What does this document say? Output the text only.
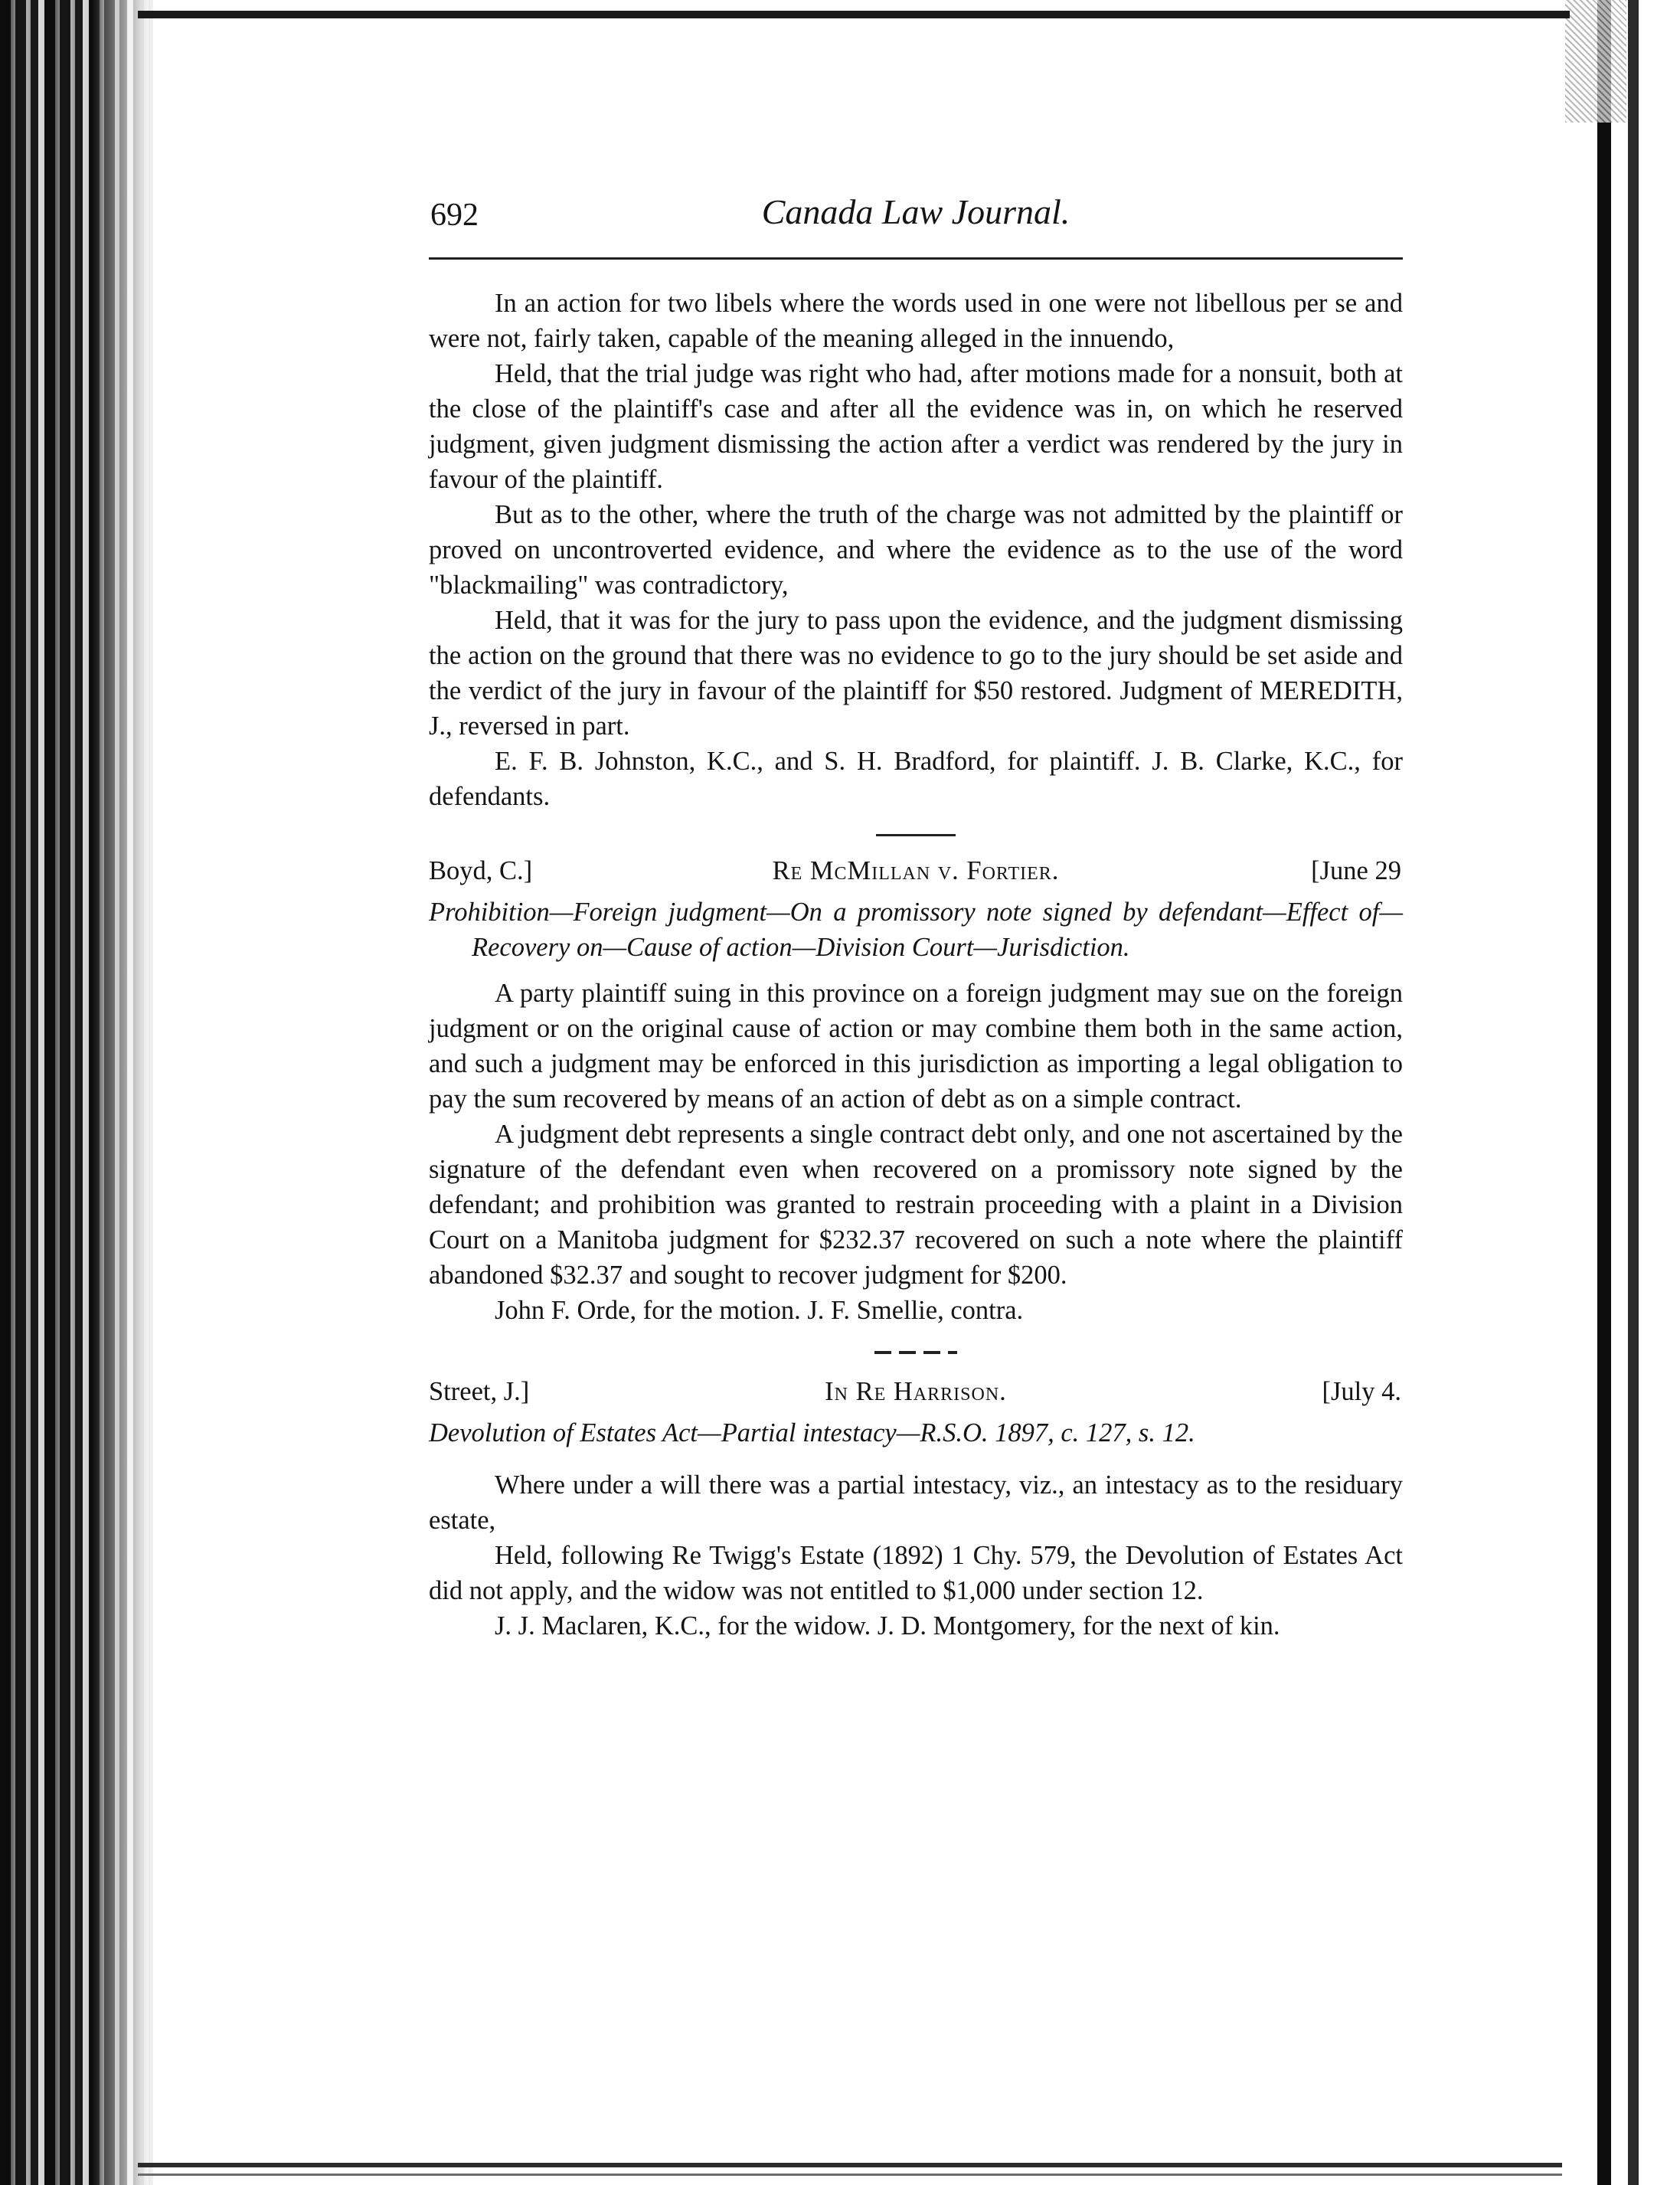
692	Canada Law Journal.

In an action for two libels where the words used in one were not libellous per se and were not, fairly taken, capable of the meaning alleged in the innuendo,

Held, that the trial judge was right who had, after motions made for a nonsuit, both at the close of the plaintiff's case and after all the evidence was in, on which he reserved judgment, given judgment dismissing the action after a verdict was rendered by the jury in favour of the plaintiff.

But as to the other, where the truth of the charge was not admitted by the plaintiff or proved on uncontroverted evidence, and where the evidence as to the use of the word "blackmailing" was contradictory,

Held, that it was for the jury to pass upon the evidence, and the judgment dismissing the action on the ground that there was no evidence to go to the jury should be set aside and the verdict of the jury in favour of the plaintiff for $50 restored. Judgment of MEREDITH, J., reversed in part.

E. F. B. Johnston, K.C., and S. H. Bradford, for plaintiff. J. B. Clarke, K.C., for defendants.

Boyd, C.]	Re McMillan v. Fortier.	[June 29

Prohibition—Foreign judgment—On a promissory note signed by defendant—Effect of—Recovery on—Cause of action—Division Court—Jurisdiction.

A party plaintiff suing in this province on a foreign judgment may sue on the foreign judgment or on the original cause of action or may combine them both in the same action, and such a judgment may be enforced in this jurisdiction as importing a legal obligation to pay the sum recovered by means of an action of debt as on a simple contract.

A judgment debt represents a single contract debt only, and one not ascertained by the signature of the defendant even when recovered on a promissory note signed by the defendant; and prohibition was granted to restrain proceeding with a plaint in a Division Court on a Manitoba judgment for $232.37 recovered on such a note where the plaintiff abandoned $32.37 and sought to recover judgment for $200.

John F. Orde, for the motion. J. F. Smellie, contra.

Street, J.]	In Re Harrison.	[July 4.

Devolution of Estates Act—Partial intestacy—R.S.O. 1897, c. 127, s. 12.

Where under a will there was a partial intestacy, viz., an intestacy as to the residuary estate,

Held, following Re Twigg's Estate (1892) 1 Chy. 579, the Devolution of Estates Act did not apply, and the widow was not entitled to $1,000 under section 12.

J. J. Maclaren, K.C., for the widow. J. D. Montgomery, for the next of kin.
